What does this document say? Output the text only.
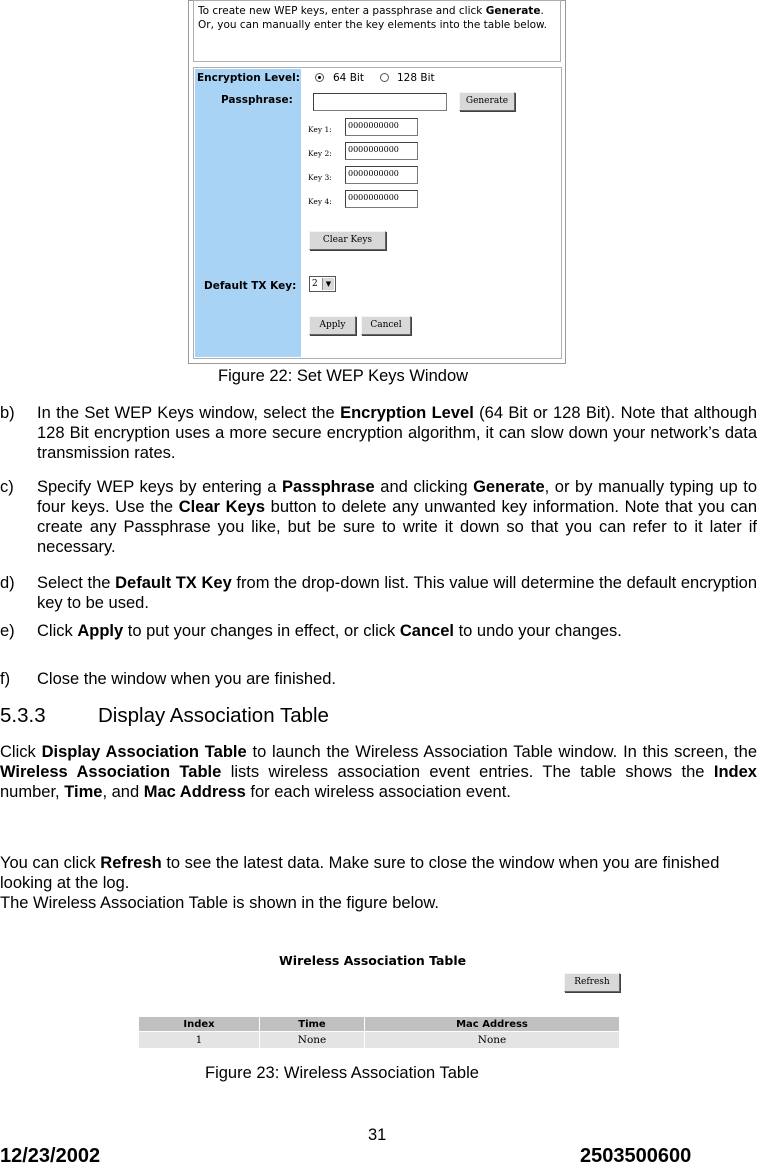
To create new WEP keys, enter a passphrase and click Generate.
Or, you can manually enter the key elements into the table below.
Encryption Level:	64 Bit	128 Bit
Passphrase:	Generate
Key 1:	0000000000
Key 2:	0000000000
Key 3:	0000000000
Key 4:	0000000000
Clear Keys
Default TX Key:	2	▼
Apply	Cancel
Figure 22: Set WEP Keys Window
b) In the Set WEP Keys window, select the Encryption Level (64 Bit or 128 Bit). Note that although 128 Bit encryption uses a more secure encryption algorithm, it can slow down your network’s data transmission rates.
c) Specify WEP keys by entering a Passphrase and clicking Generate, or by manually typing up to four keys. Use the Clear Keys button to delete any unwanted key information. Note that you can create any Passphrase you like, but be sure to write it down so that you can refer to it later if necessary.
d) Select the Default TX Key from the drop-down list. This value will determine the default encryption key to be used.
e) Click Apply to put your changes in effect, or click Cancel to undo your changes.
f) Close the window when you are finished.
5.3.3	Display Association Table
Click Display Association Table to launch the Wireless Association Table window. In this screen, the Wireless Association Table lists wireless association event entries. The table shows the Index number, Time, and Mac Address for each wireless association event.
You can click Refresh to see the latest data. Make sure to close the window when you are finished looking at the log.
The Wireless Association Table is shown in the figure below.
Wireless Association Table
Refresh
Index	Time	Mac Address
1	None	None
Figure 23: Wireless Association Table
31
12/23/2002	2503500600
